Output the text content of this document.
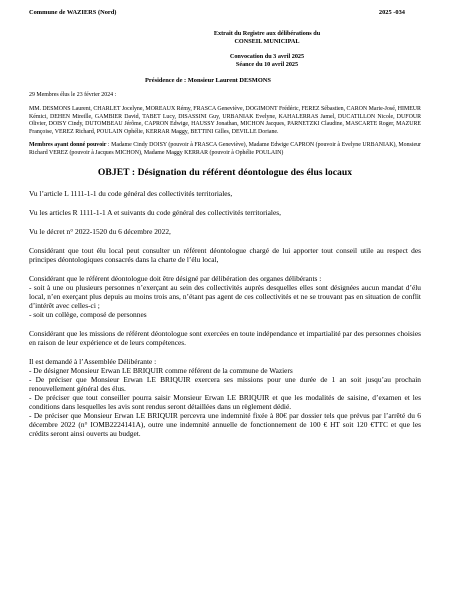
Commune de WAZIERS (Nord)	2025 -034
Extrait du Registre aux délibérations du
CONSEIL MUNICIPAL
Convocation du 3 avril 2025
Séance du 10 avril 2025
Présidence de : Monsieur Laurent DESMONS
29 Membres élus le 23 février 2024 :
MM. DESMONS Laurent, CHARLET Jocelyne, MOREAUX Rémy, FRASCA Geneviève, DOGIMONT Frédéric, FEREZ Sébastien, CARON Marie-José, HIMEUR Kémici, DEHEN Mireille, GAMBIER David, TABET Lucy, DISASSINI Guy, URBANIAK Evelyne, KAHALERRAS Jamel, DUCATILLON Nicole, DUFOUR Olivier, DOISY Cindy, DUTOMBEAU Jérôme, CAPRON Edwige, HAUSSY Jonathan, MICHON Jacques, PARNETZKI Claudine, MASCARTE Roger, MAZURE Françoise, VEREZ Richard, POULAIN Ophélie, KERRAR Maggy, BETTINI Gilles, DEVILLE Doriane.
Membres ayant donné pouvoir : Madame Cindy DOISY (pouvoir à FRASCA Geneviève), Madame Edwige CAPRON (pouvoir à Evelyne URBANIAK), Monsieur Richard VEREZ (pouvoir à Jacques MICHON), Madame Maggy KERRAR (pouvoir à Ophélie POULAIN)
OBJET : Désignation du référent déontologue des élus locaux
Vu l’article L 1111-1-1 du code général des collectivités territoriales,
Vu les articles R 1111-1-1 A et suivants du code général des collectivités territoriales,
Vu le décret n° 2022-1520 du 6 décembre 2022,
Considérant que tout élu local peut consulter un référent déontologue chargé de lui apporter tout conseil utile au respect des principes déontologiques consacrés dans la charte de l’élu local,
Considérant que le référent déontologue doit être désigné par délibération des organes délibérants :
- soit à une ou plusieurs personnes n’exerçant au sein des collectivités auprès desquelles elles sont désignées aucun mandat d’élu local, n’en exerçant plus depuis au moins trois ans, n’étant pas agent de ces collectivités et ne se trouvant pas en situation de conflit d’intérêt avec celles-ci ;
- soit un collège, composé de personnes
Considérant que les missions de référent déontologue sont exercées en toute indépendance et impartialité par des personnes choisies en raison de leur expérience et de leurs compétences.
Il est demandé à l’Assemblée Délibérante :
- De désigner Monsieur Erwan LE BRIQUIR comme référent de la commune de Waziers
- De préciser que Monsieur Erwan LE BRIQUIR exercera ses missions pour une durée de 1 an soit jusqu’au prochain renouvellement général des élus.
- De préciser que tout conseiller pourra saisir Monsieur Erwan LE BRIQUIR et que les modalités de saisine, d’examen et les conditions dans lesquelles les avis sont rendus seront détaillées dans un règlement dédié.
- De préciser que Monsieur Erwan LE BRIQUIR percevra une indemnité fixée à 80€ par dossier tels que prévus par l’arrêté du 6 décembre 2022 (n° IOMB2224141A), outre une indemnité annuelle de fonctionnement de 100 € HT soit 120 €TTC et que les crédits seront ainsi ouverts au budget.
